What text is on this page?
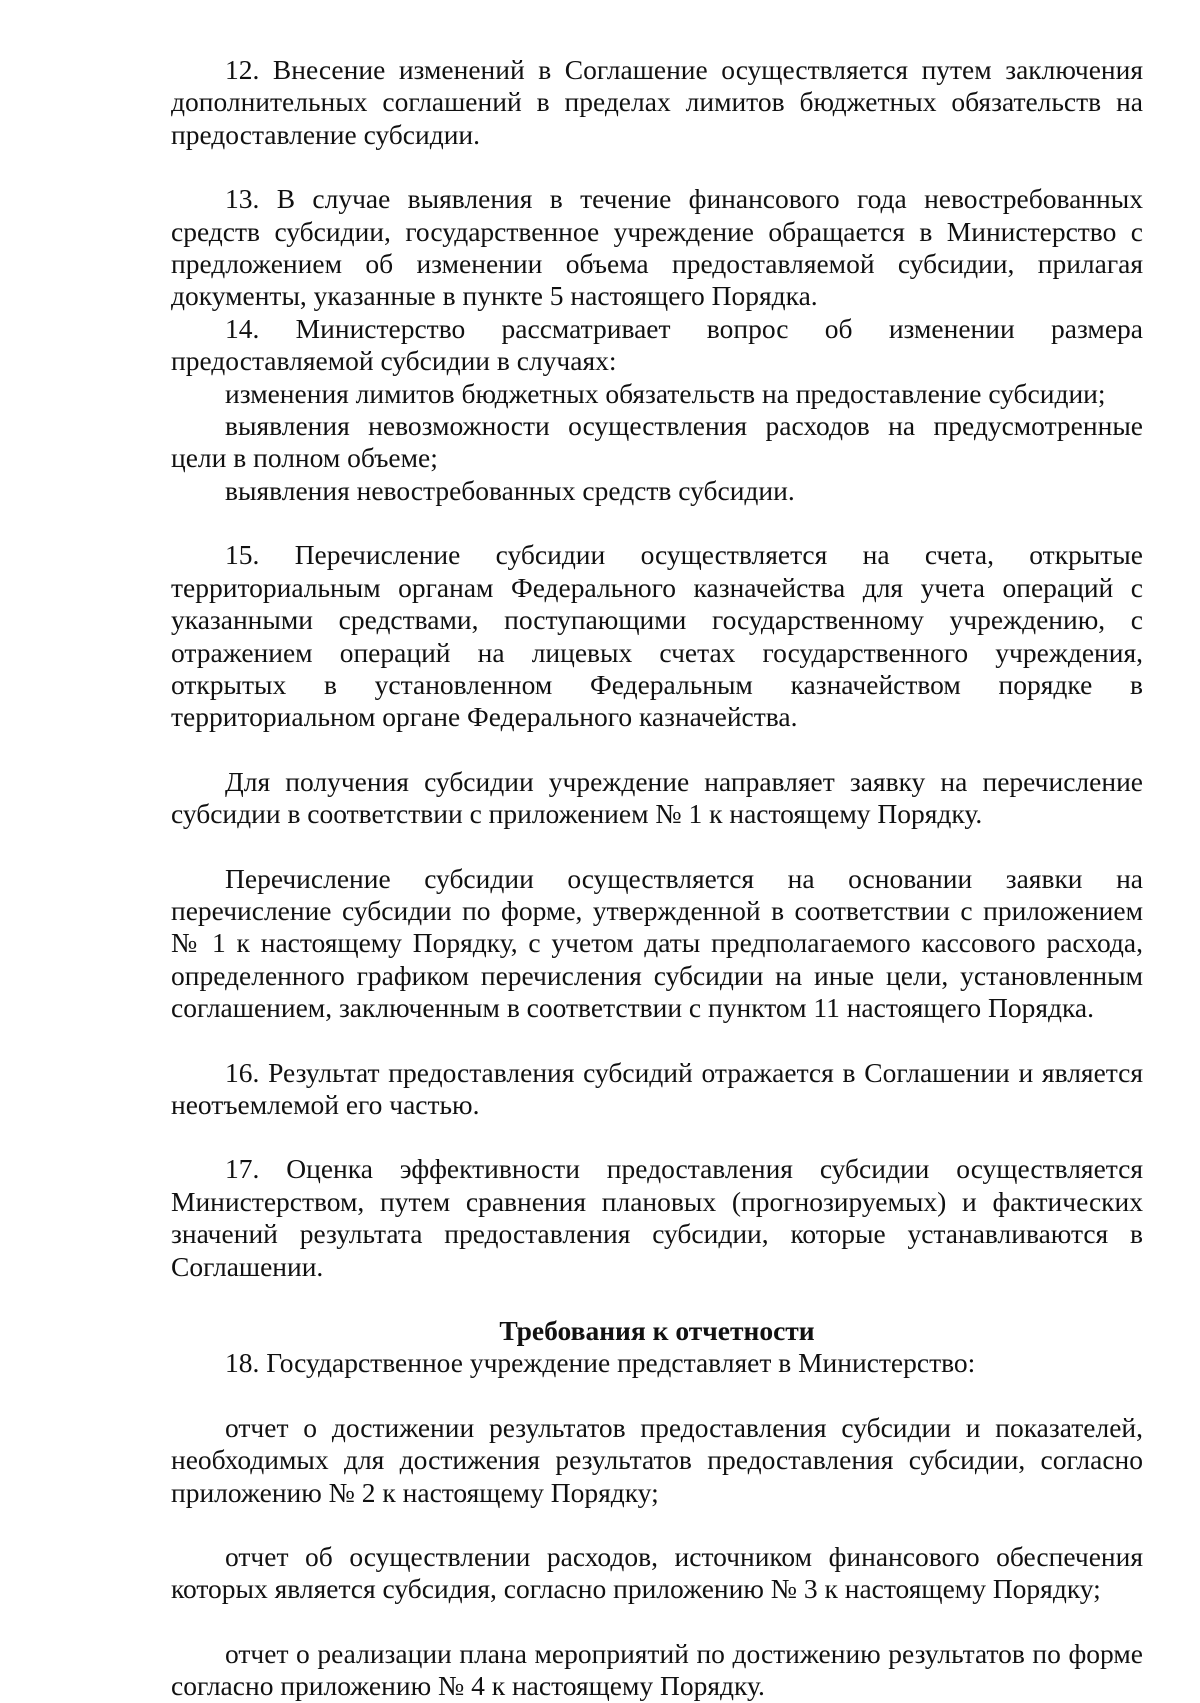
12. Внесение изменений в Соглашение осуществляется путем заключения дополнительных соглашений в пределах лимитов бюджетных обязательств на предоставление субсидии.

13. В случае выявления в течение финансового года невостребованных средств субсидии, государственное учреждение обращается в Министерство с предложением об изменении объема предоставляемой субсидии, прилагая документы, указанные в пункте 5 настоящего Порядка.

14. Министерство рассматривает вопрос об изменении размера предоставляемой субсидии в случаях:

изменения лимитов бюджетных обязательств на предоставление субсидии;

выявления невозможности осуществления расходов на предусмотренные цели в полном объеме;

выявления невостребованных средств субсидии.

15. Перечисление субсидии осуществляется на счета, открытые территориальным органам Федерального казначейства для учета операций с указанными средствами, поступающими государственному учреждению, с отражением операций на лицевых счетах государственного учреждения, открытых в установленном Федеральным казначейством порядке в территориальном органе Федерального казначейства.

Для получения субсидии учреждение направляет заявку на перечисление субсидии в соответствии с приложением № 1 к настоящему Порядку.

Перечисление субсидии осуществляется на основании заявки на перечисление субсидии по форме, утвержденной в соответствии с приложением № 1 к настоящему Порядку, с учетом даты предполагаемого кассового расхода, определенного графиком перечисления субсидии на иные цели, установленным соглашением, заключенным в соответствии с пунктом 11 настоящего Порядка.

16. Результат предоставления субсидий отражается в Соглашении и является неотъемлемой его частью.

17. Оценка эффективности предоставления субсидии осуществляется Министерством, путем сравнения плановых (прогнозируемых) и фактических значений результата предоставления субсидии, которые устанавливаются в Соглашении.

Требования к отчетности

18. Государственное учреждение представляет в Министерство:

отчет о достижении результатов предоставления субсидии и показателей, необходимых для достижения результатов предоставления субсидии, согласно приложению № 2 к настоящему Порядку;

отчет об осуществлении расходов, источником финансового обеспечения которых является субсидия, согласно приложению № 3 к настоящему Порядку;

отчет о реализации плана мероприятий по достижению результатов по форме согласно приложению № 4 к настоящему Порядку.
